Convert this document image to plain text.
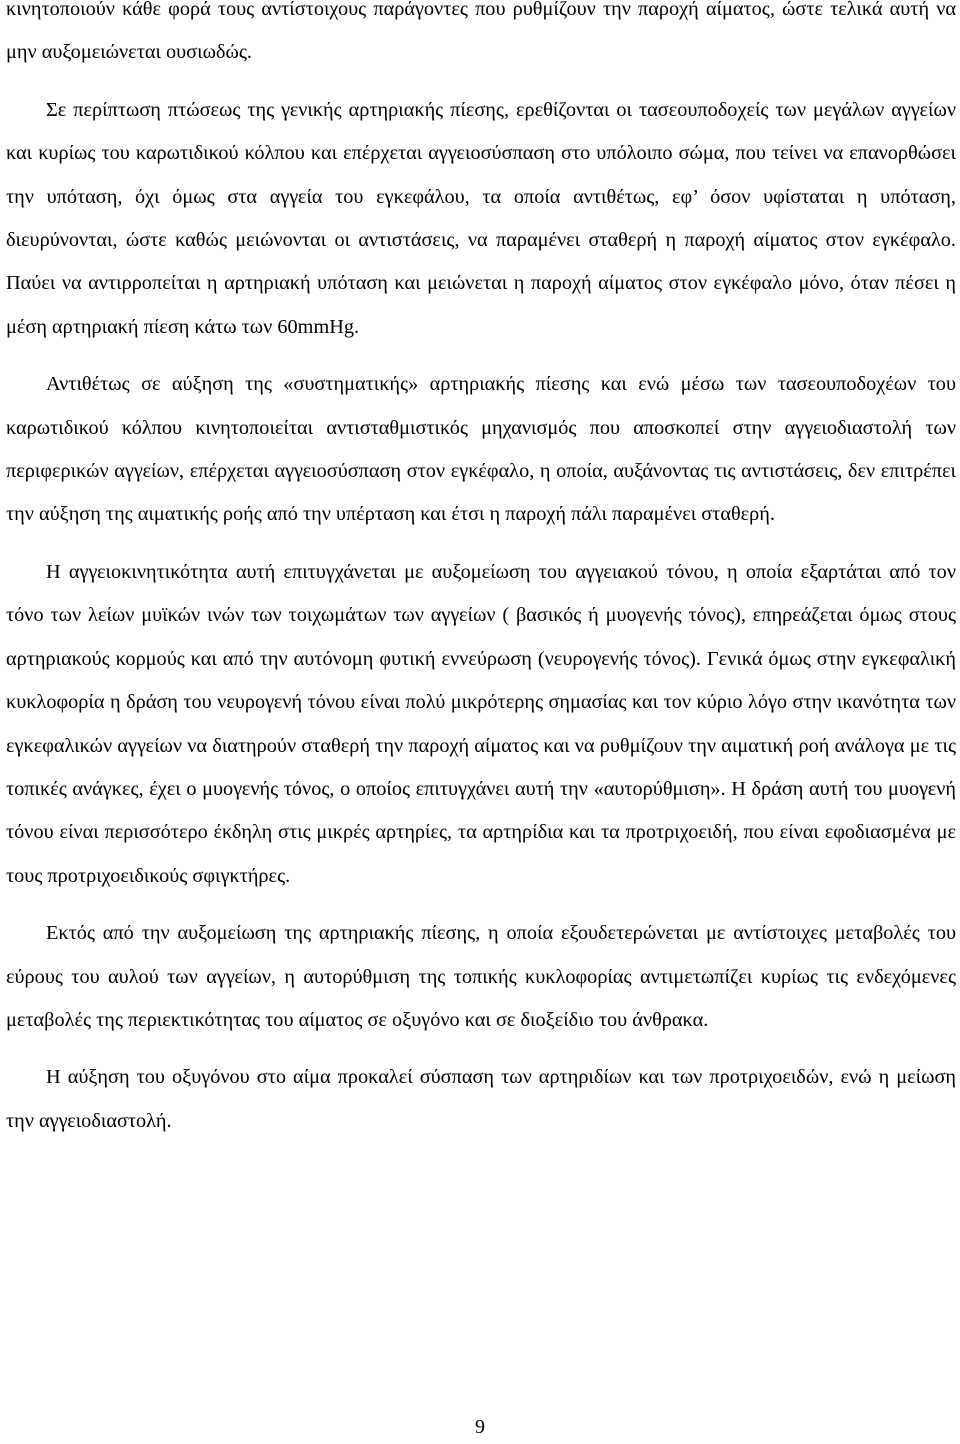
κινητοποιούν κάθε φορά τους αντίστοιχους παράγοντες που ρυθμίζουν την παροχή αίματος, ώστε τελικά αυτή να μην αυξομειώνεται ουσιωδώς.

Σε περίπτωση πτώσεως της γενικής αρτηριακής πίεσης, ερεθίζονται οι τασεουποδοχείς των μεγάλων αγγείων και κυρίως του καρωτιδικού κόλπου και επέρχεται αγγειοσύσπαση στο υπόλοιπο σώμα, που τείνει να επανορθώσει την υπόταση, όχι όμως στα αγγεία του εγκεφάλου, τα οποία αντιθέτως, εφ’ όσον υφίσταται η υπόταση, διευρύνονται, ώστε καθώς μειώνονται οι αντιστάσεις, να παραμένει σταθερή η παροχή αίματος στον εγκέφαλο. Παύει να αντιρροπείται η αρτηριακή υπόταση και μειώνεται η παροχή αίματος στον εγκέφαλο μόνο, όταν πέσει η μέση αρτηριακή πίεση κάτω των 60mmHg.

Αντιθέτως σε αύξηση της «συστηματικής» αρτηριακής πίεσης και ενώ μέσω των τασεουποδοχέων του καρωτιδικού κόλπου κινητοποιείται αντισταθμιστικός μηχανισμός που αποσκοπεί στην αγγειοδιαστολή των περιφερικών αγγείων, επέρχεται αγγειοσύσπαση στον εγκέφαλο, η οποία, αυξάνοντας τις αντιστάσεις, δεν επιτρέπει την αύξηση της αιματικής ροής από την υπέρταση και έτσι η παροχή πάλι παραμένει σταθερή.

Η αγγειοκινητικότητα αυτή επιτυγχάνεται με αυξομείωση του αγγειακού τόνου, η οποία εξαρτάται από τον τόνο των λείων μυϊκών ινών των τοιχωμάτων των αγγείων ( βασικός ή μυογενής τόνος), επηρεάζεται όμως στους αρτηριακούς κορμούς και από την αυτόνομη φυτική εννεύρωση (νευρογενής τόνος). Γενικά όμως στην εγκεφαλική κυκλοφορία η δράση του νευρογενή τόνου είναι πολύ μικρότερης σημασίας και τον κύριο λόγο στην ικανότητα των εγκεφαλικών αγγείων να διατηρούν σταθερή την παροχή αίματος και να ρυθμίζουν την αιματική ροή ανάλογα με τις τοπικές ανάγκες, έχει ο μυογενής τόνος, ο οποίος επιτυγχάνει αυτή την «αυτορύθμιση». Η δράση αυτή του μυογενή τόνου είναι περισσότερο έκδηλη στις μικρές αρτηρίες, τα αρτηρίδια και τα προτριχοειδή, που είναι εφοδιασμένα με τους προτριχοειδικούς σφιγκτήρες.

Εκτός από την αυξομείωση της αρτηριακής πίεσης, η οποία εξουδετερώνεται με αντίστοιχες μεταβολές του εύρους του αυλού των αγγείων, η αυτορύθμιση της τοπικής κυκλοφορίας αντιμετωπίζει κυρίως τις ενδεχόμενες μεταβολές της περιεκτικότητας του αίματος σε οξυγόνο και σε διοξείδιο του άνθρακα.

Η αύξηση του οξυγόνου στο αίμα προκαλεί σύσπαση των αρτηριδίων και των προτριχοειδών, ενώ η μείωση την αγγειοδιαστολή.

9
